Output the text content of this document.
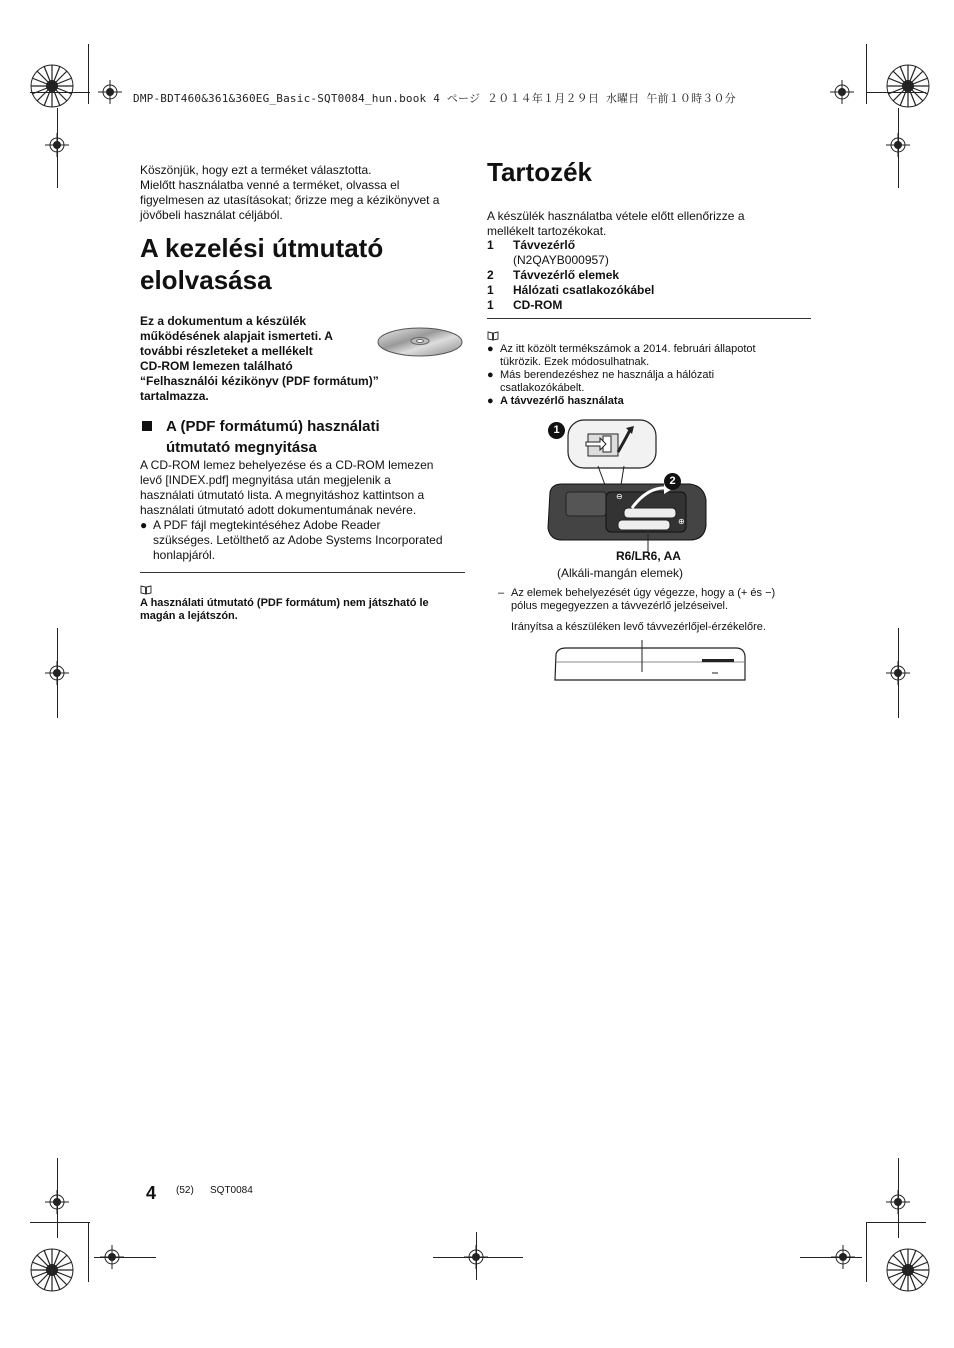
DMP-BDT460&361&360EG_Basic-SQT0084_hun.book 4 ページ ２０１４年１月２９日 水曜日 午前１０時３０分

Köszönjük, hogy ezt a terméket választotta.

Mielőtt használatba venné a terméket, olvassa el

figyelmesen az utasításokat; őrizze meg a kézikönyvet a

jövőbeli használat céljából.

A kezelési útmutató

elolvasása

Ez a dokumentum a készülék

működésének alapjait ismerteti. A

további részleteket a mellékelt

CD-ROM lemezen található

“Felhasználói kézikönyv (PDF formátum)”

tartalmazza.

A (PDF formátumú) használati

útmutató megnyitása

A CD-ROM lemez behelyezése és a CD-ROM lemezen

levő [INDEX.pdf] megnyitása után megjelenik a

használati útmutató lista. A megnyitáshoz kattintson a

használati útmutató adott dokumentumának nevére.

● A PDF fájl megtekintéséhez Adobe Reader

szükséges. Letölthető az Adobe Systems Incorporated

honlapjáról.

A használati útmutató (PDF formátum) nem játszható le

magán a lejátszón.

Tartozék

A készülék használatba vétele előtt ellenőrizze a

mellékelt tartozékokat.

1	Távvezérlő
(N2QAYB000957)
2	Távvezérlő elemek
1	Hálózati csatlakozókábel
1	CD-ROM
● Az itt közölt termékszámok a 2014. februári állapotot

tükrözik. Ezek módosulhatnak.

● Más berendezéshez ne használja a hálózati

csatlakozókábelt.

● A távvezérlő használata

⊖
⊕
1
2

R6/LR6, AA

(Alkáli-mangán elemek)

– Az elemek behelyezését úgy végezze, hogy a (+ és −)

pólus megegyezzen a távvezérlő jelzéseivel.

Irányítsa a készüléken levő távvezérlőjel-érzékelőre.

4 (52) SQT0084
